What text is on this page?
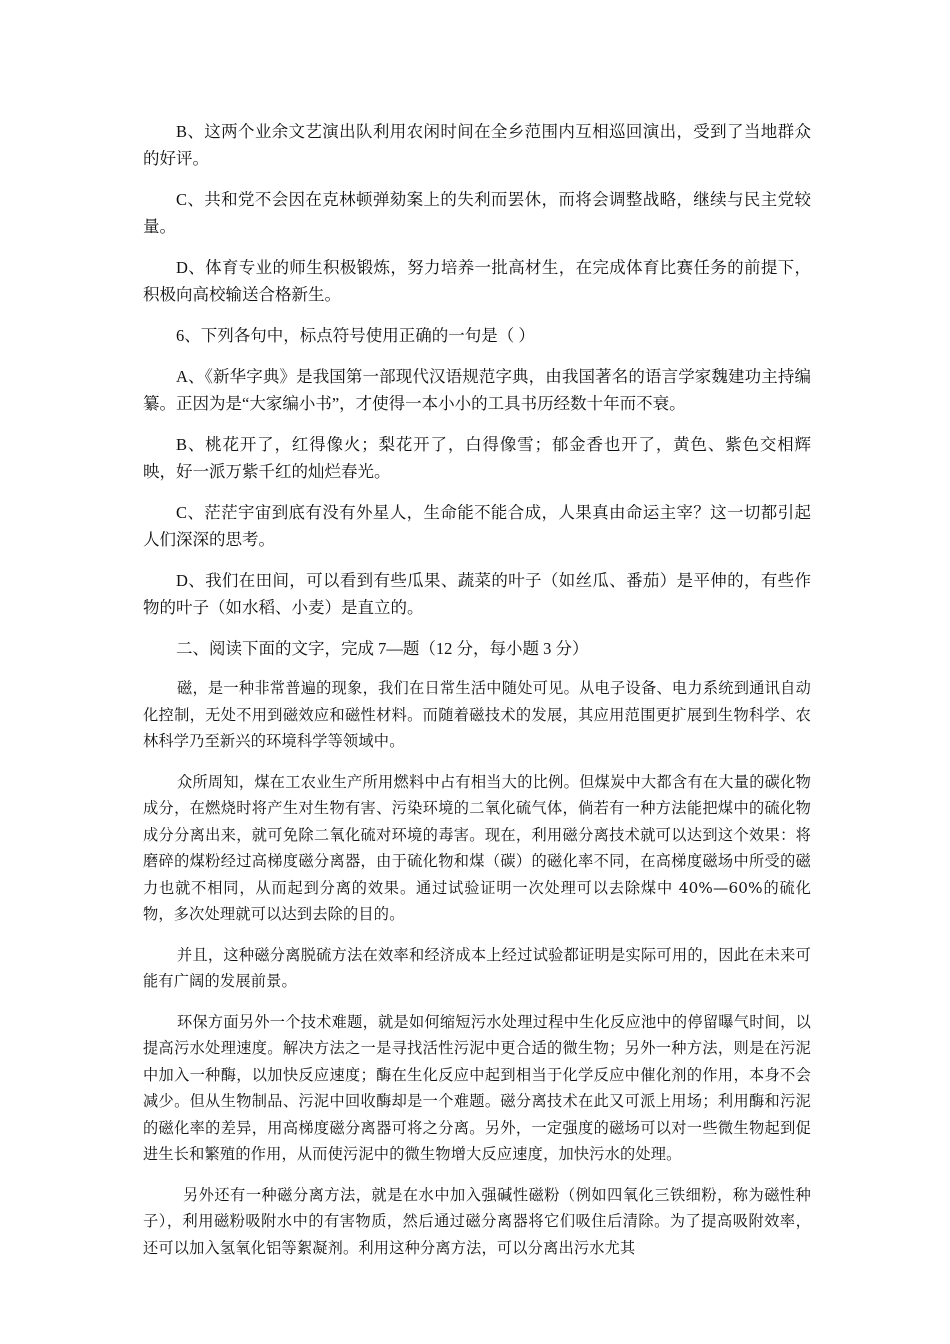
B、这两个业余文艺演出队利用农闲时间在全乡范围内互相巡回演出，受到了当地群众的好评。

C、共和党不会因在克林顿弹劾案上的失利而罢休，而将会调整战略，继续与民主党较量。

D、体育专业的师生积极锻炼，努力培养一批高材生，在完成体育比赛任务的前提下，积极向高校输送合格新生。

6、下列各句中，标点符号使用正确的一句是（ ）

A、《新华字典》是我国第一部现代汉语规范字典，由我国著名的语言学家魏建功主持编纂。正因为是“大家编小书”，才使得一本小小的工具书历经数十年而不衰。

B、桃花开了，红得像火；梨花开了，白得像雪；郁金香也开了，黄色、紫色交相辉映，好一派万紫千红的灿烂春光。

C、茫茫宇宙到底有没有外星人，生命能不能合成，人果真由命运主宰？这一切都引起人们深深的思考。

D、我们在田间，可以看到有些瓜果、蔬菜的叶子（如丝瓜、番茄）是平伸的，有些作物的叶子（如水稻、小麦）是直立的。

二、阅读下面的文字，完成 7—题（12 分，每小题 3 分）

磁，是一种非常普遍的现象，我们在日常生活中随处可见。从电子设备、电力系统到通讯自动化控制，无处不用到磁效应和磁性材料。而随着磁技术的发展，其应用范围更扩展到生物科学、农林科学乃至新兴的环境科学等领域中。

众所周知，煤在工农业生产所用燃料中占有相当大的比例。但煤炭中大都含有在大量的碳化物成分，在燃烧时将产生对生物有害、污染环境的二氧化硫气体，倘若有一种方法能把煤中的硫化物成分分离出来，就可免除二氧化硫对环境的毒害。现在，利用磁分离技术就可以达到这个效果：将磨碎的煤粉经过高梯度磁分离器，由于硫化物和煤（碳）的磁化率不同，在高梯度磁场中所受的磁力也就不相同，从而起到分离的效果。通过试验证明一次处理可以去除煤中 40%—60%的硫化物，多次处理就可以达到去除的目的。

并且，这种磁分离脱硫方法在效率和经济成本上经过试验都证明是实际可用的，因此在未来可能有广阔的发展前景。

环保方面另外一个技术难题，就是如何缩短污水处理过程中生化反应池中的停留曝气时间，以提高污水处理速度。解决方法之一是寻找活性污泥中更合适的微生物；另外一种方法，则是在污泥中加入一种酶，以加快反应速度；酶在生化反应中起到相当于化学反应中催化剂的作用，本身不会减少。但从生物制品、污泥中回收酶却是一个难题。磁分离技术在此又可派上用场；利用酶和污泥的磁化率的差异，用高梯度磁分离器可将之分离。另外，一定强度的磁场可以对一些微生物起到促进生长和繁殖的作用，从而使污泥中的微生物增大反应速度，加快污水的处理。

另外还有一种磁分离方法，就是在水中加入强碱性磁粉（例如四氧化三铁细粉，称为磁性种子），利用磁粉吸附水中的有害物质，然后通过磁分离器将它们吸住后清除。为了提高吸附效率，还可以加入氢氧化铝等絮凝剂。利用这种分离方法，可以分离出污水尤其
